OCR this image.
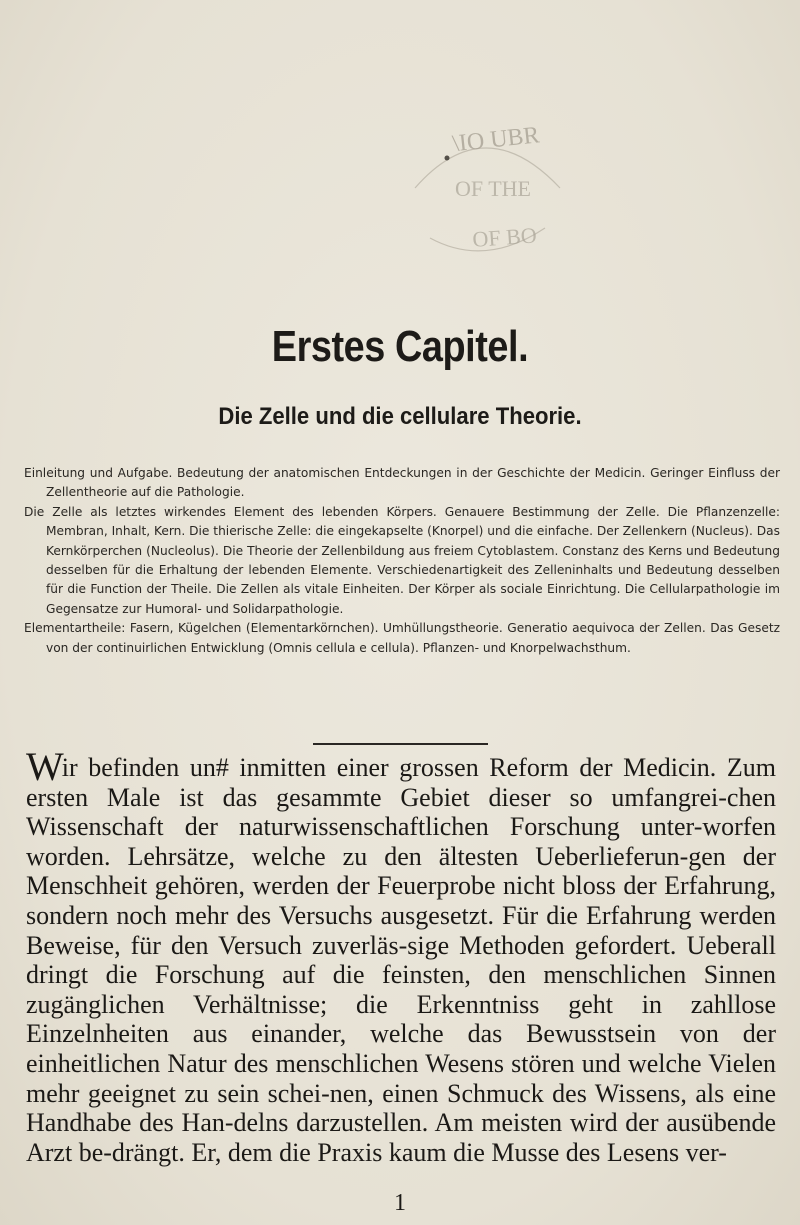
\IO UBR
OF THE
OF BO
Erstes Capitel.
Die Zelle und die cellulare Theorie.

Einleitung und Aufgabe. Bedeutung der anatomischen Entdeckungen in der Geschichte der Medicin. Geringer Einfluss der Zellentheorie auf die Pathologie.

Die Zelle als letztes wirkendes Element des lebenden Körpers. Genauere Bestimmung der Zelle. Die Pflanzenzelle: Membran, Inhalt, Kern. Die thierische Zelle: die eingekapselte (Knorpel) und die einfache. Der Zellenkern (Nucleus). Das Kernkörperchen (Nucleolus). Die Theorie der Zellenbildung aus freiem Cytoblastem. Constanz des Kerns und Bedeutung desselben für die Erhaltung der lebenden Elemente. Verschiedenartigkeit des Zelleninhalts und Bedeutung desselben für die Function der Theile. Die Zellen als vitale Einheiten. Der Körper als sociale Einrichtung. Die Cellularpathologie im Gegensatze zur Humoral- und Solidarpathologie.

Elementartheile: Fasern, Kügelchen (Elementarkörnchen). Umhüllungstheorie. Generatio aequivoca der Zellen. Das Gesetz von der continuirlichen Entwicklung (Omnis cellula e cellula). Pflanzen- und Knorpelwachsthum.

Wir befinden un# inmitten einer grossen Reform der Medicin. Zum ersten Male ist das gesammte Gebiet dieser so umfangrei-chen Wissenschaft der naturwissenschaftlichen Forschung unter-worfen worden. Lehrsätze, welche zu den ältesten Ueberlieferun-gen der Menschheit gehören, werden der Feuerprobe nicht bloss der Erfahrung, sondern noch mehr des Versuchs ausgesetzt. Für die Erfahrung werden Beweise, für den Versuch zuverläs-sige Methoden gefordert. Ueberall dringt die Forschung auf die feinsten, den menschlichen Sinnen zugänglichen Verhältnisse; die Erkenntniss geht in zahllose Einzelnheiten aus einander, welche das Bewusstsein von der einheitlichen Natur des menschlichen Wesens stören und welche Vielen mehr geeignet zu sein schei-nen, einen Schmuck des Wissens, als eine Handhabe des Han-delns darzustellen. Am meisten wird der ausübende Arzt be-drängt. Er, dem die Praxis kaum die Musse des Lesens ver-

1
